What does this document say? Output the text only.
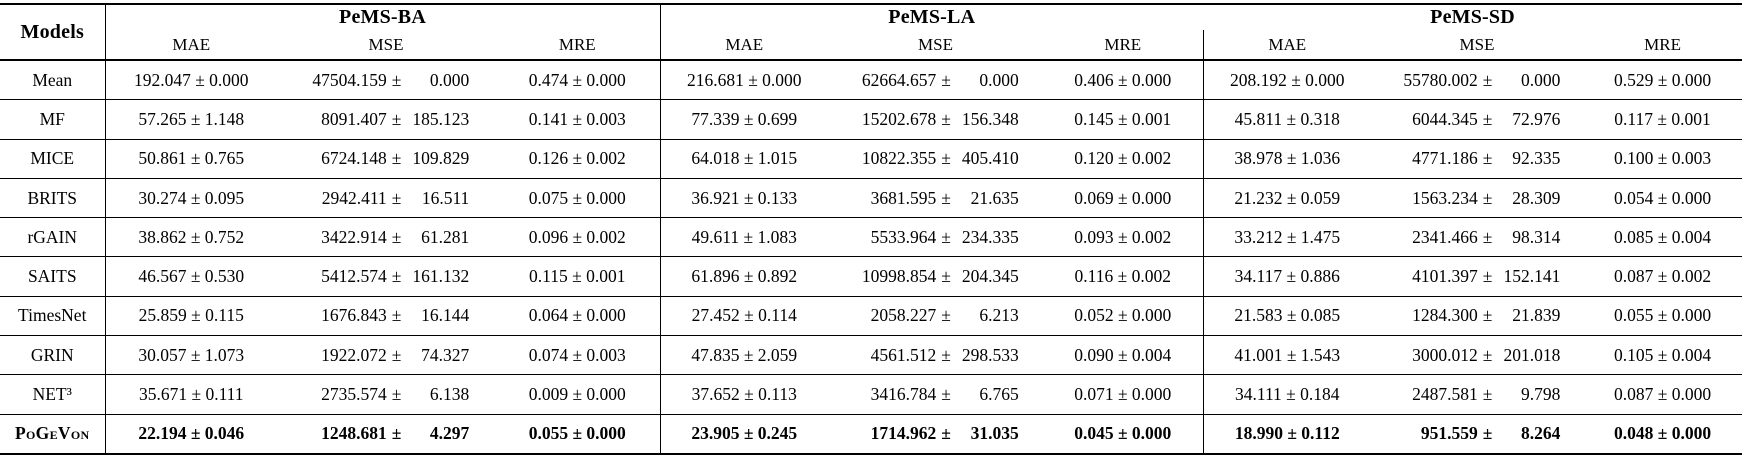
Models	PeMS-BA			PeMS-LA			PeMS-SD		
	MAE	MSE	MRE	MAE	MSE	MRE	MAE	MSE	MRE
Mean	192.047 ± 0.000	47504.159 ± 0.000	0.474 ± 0.000	216.681 ± 0.000	62664.657 ± 0.000	0.406 ± 0.000	208.192 ± 0.000	55780.002 ± 0.000	0.529 ± 0.000
MF	57.265 ± 1.148	8091.407 ± 185.123	0.141 ± 0.003	77.339 ± 0.699	15202.678 ± 156.348	0.145 ± 0.001	45.811 ± 0.318	6044.345 ± 72.976	0.117 ± 0.001
MICE	50.861 ± 0.765	6724.148 ± 109.829	0.126 ± 0.002	64.018 ± 1.015	10822.355 ± 405.410	0.120 ± 0.002	38.978 ± 1.036	4771.186 ± 92.335	0.100 ± 0.003
BRITS	30.274 ± 0.095	2942.411 ± 16.511	0.075 ± 0.000	36.921 ± 0.133	3681.595 ± 21.635	0.069 ± 0.000	21.232 ± 0.059	1563.234 ± 28.309	0.054 ± 0.000
rGAIN	38.862 ± 0.752	3422.914 ± 61.281	0.096 ± 0.002	49.611 ± 1.083	5533.964 ± 234.335	0.093 ± 0.002	33.212 ± 1.475	2341.466 ± 98.314	0.085 ± 0.004
SAITS	46.567 ± 0.530	5412.574 ± 161.132	0.115 ± 0.001	61.896 ± 0.892	10998.854 ± 204.345	0.116 ± 0.002	34.117 ± 0.886	4101.397 ± 152.141	0.087 ± 0.002
TimesNet	25.859 ± 0.115	1676.843 ± 16.144	0.064 ± 0.000	27.452 ± 0.114	2058.227 ± 6.213	0.052 ± 0.000	21.583 ± 0.085	1284.300 ± 21.839	0.055 ± 0.000
GRIN	30.057 ± 1.073	1922.072 ± 74.327	0.074 ± 0.003	47.835 ± 2.059	4561.512 ± 298.533	0.090 ± 0.004	41.001 ± 1.543	3000.012 ± 201.018	0.105 ± 0.004
NET³	35.671 ± 0.111	2735.574 ± 6.138	0.009 ± 0.000	37.652 ± 0.113	3416.784 ± 6.765	0.071 ± 0.000	34.111 ± 0.184	2487.581 ± 9.798	0.087 ± 0.000
PoGeVon	22.194 ± 0.046	1248.681 ± 4.297	0.055 ± 0.000	23.905 ± 0.245	1714.962 ± 31.035	0.045 ± 0.000	18.990 ± 0.112	951.559 ± 8.264	0.048 ± 0.000
